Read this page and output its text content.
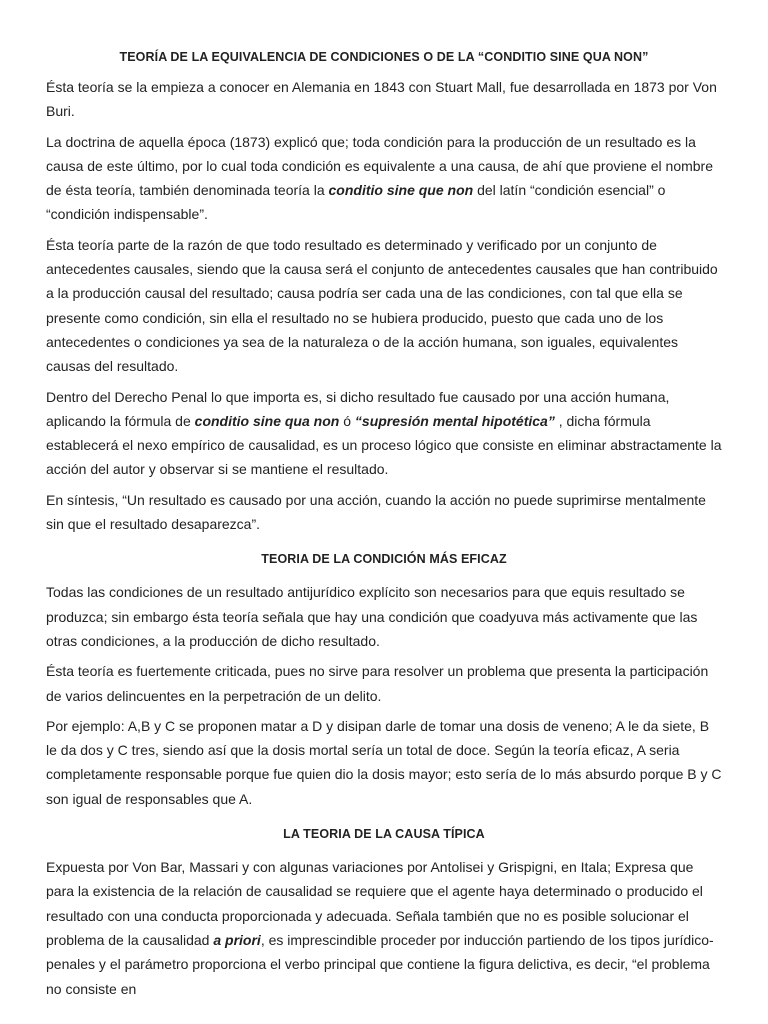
TEORÍA DE LA EQUIVALENCIA DE CONDICIONES O DE LA “CONDITIO SINE QUA NON”

Ésta teoría se la empieza a conocer en Alemania en 1843 con Stuart Mall, fue desarrollada en 1873 por Von Buri.

La doctrina de aquella época (1873) explicó que; toda condición para la producción de un resultado es la causa de este último, por lo cual toda condición es equivalente a una causa, de ahí que proviene el nombre de ésta teoría, también denominada teoría la conditio sine que non del latín “condición esencial” o “condición indispensable”.

Ésta teoría parte de la razón de que todo resultado es determinado y verificado por un conjunto de antecedentes causales, siendo que la causa será el conjunto de antecedentes causales que han contribuido a la producción causal del resultado; causa podría ser cada una de las condiciones, con tal que ella se presente como condición, sin ella el resultado no se hubiera producido, puesto que cada uno de los antecedentes o condiciones ya sea de la naturaleza o de la acción humana, son iguales, equivalentes causas del resultado.

Dentro del Derecho Penal lo que importa es, si dicho resultado fue causado por una acción humana, aplicando la fórmula de conditio sine qua non ó “supresión mental hipotética” , dicha fórmula establecerá el nexo empírico de causalidad, es un proceso lógico que consiste en eliminar abstractamente la acción del autor y observar si se mantiene el resultado.

En síntesis, “Un resultado es causado por una acción, cuando la acción no puede suprimirse mentalmente sin que el resultado desaparezca”.

TEORIA DE LA CONDICIÓN MÁS EFICAZ

Todas las condiciones de un resultado antijurídico explícito son necesarios para que equis resultado se produzca; sin embargo ésta teoría señala que hay una condición que coadyuva más activamente que las otras condiciones, a la producción de dicho resultado.

Ésta teoría es fuertemente criticada, pues no sirve para resolver un problema que presenta la participación de varios delincuentes en la perpetración de un delito.

Por ejemplo: A,B y C se proponen matar a D y disipan darle de tomar una dosis de veneno; A le da siete, B le da dos y C tres, siendo así que la dosis mortal sería un total de doce. Según la teoría eficaz, A seria completamente responsable porque fue quien dio la dosis mayor; esto sería de lo más absurdo porque B y C son igual de responsables que A.

LA TEORIA DE LA CAUSA TÍPICA

Expuesta por Von Bar, Massari y con algunas variaciones por Antolisei y Grispigni, en Itala; Expresa que para la existencia de la relación de causalidad se requiere que el agente haya determinado o producido el resultado con una conducta proporcionada y adecuada. Señala también que no es posible solucionar el problema de la causalidad a priori, es imprescindible proceder por inducción partiendo de los tipos jurídico-penales y el parámetro proporciona el verbo principal que contiene la figura delictiva, es decir, “el problema no consiste en
